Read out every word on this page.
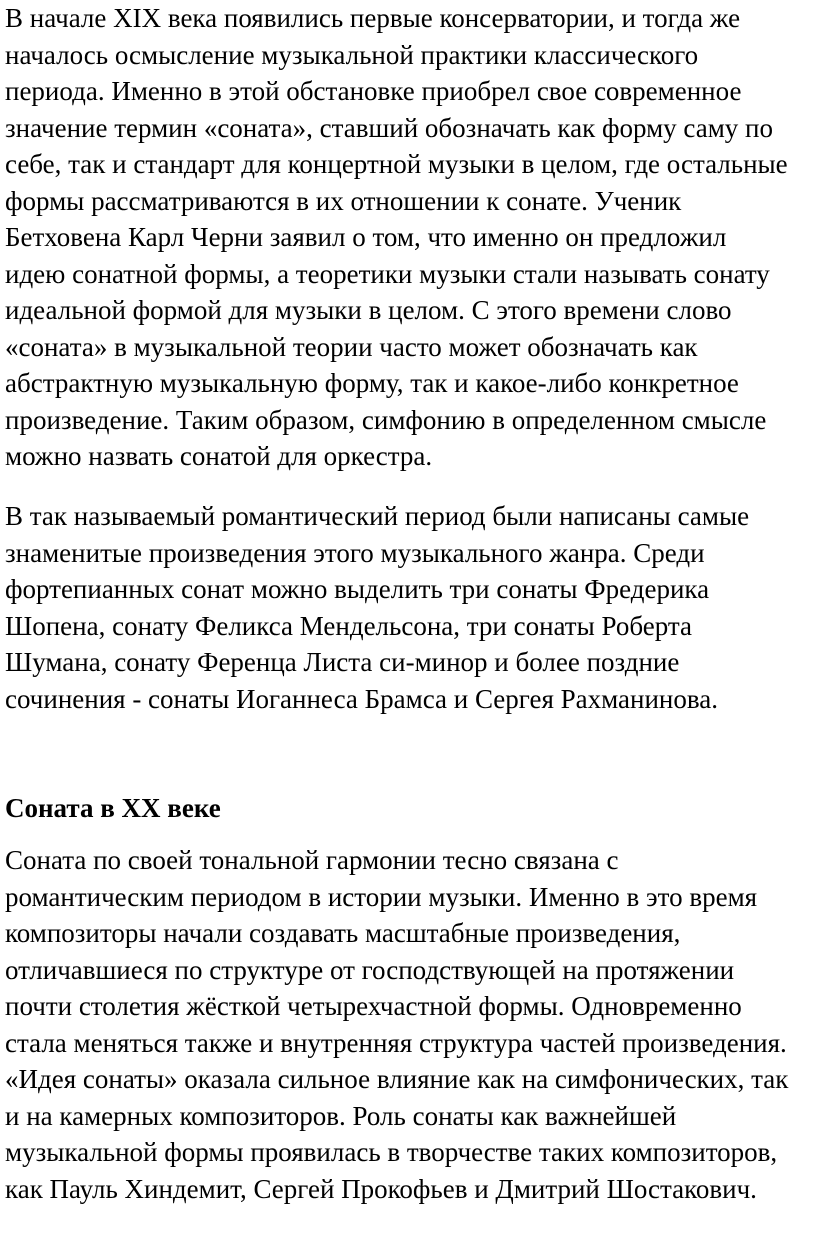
В начале XIX века появились первые консерватории, и тогда же
началось осмысление музыкальной практики классического
периода. Именно в этой обстановке приобрел свое современное
значение термин «соната», ставший обозначать как форму саму по
себе, так и стандарт для концертной музыки в целом, где остальные
формы рассматриваются в их отношении к сонате. Ученик
Бетховена Карл Черни заявил о том, что именно он предложил
идею сонатной формы, а теоретики музыки стали называть сонату
идеальной формой для музыки в целом. С этого времени слово
«соната» в музыкальной теории часто может обозначать как
абстрактную музыкальную форму, так и какое-либо конкретное
произведение. Таким образом, симфонию в определенном смысле
можно назвать сонатой для оркестра.
В так называемый романтический период были написаны самые
знаменитые произведения этого музыкального жанра. Среди
фортепианных сонат можно выделить три сонаты Фредерика
Шопена, сонату Феликса Мендельсона, три сонаты Роберта
Шумана, сонату Ференца Листа си-минор и более поздние
сочинения - сонаты Иоганнеса Брамса и Сергея Рахманинова.
Соната в XX веке
Соната по своей тональной гармонии тесно связана с
романтическим периодом в истории музыки. Именно в это время
композиторы начали создавать масштабные произведения,
отличавшиеся по структуре от господствующей на протяжении
почти столетия жёсткой четырехчастной формы. Одновременно
стала меняться также и внутренняя структура частей произведения.
«Идея сонаты» оказала сильное влияние как на симфонических, так
и на камерных композиторов. Роль сонаты как важнейшей
музыкальной формы проявилась в творчестве таких композиторов,
как Пауль Хиндемит, Сергей Прокофьев и Дмитрий Шостакович.
